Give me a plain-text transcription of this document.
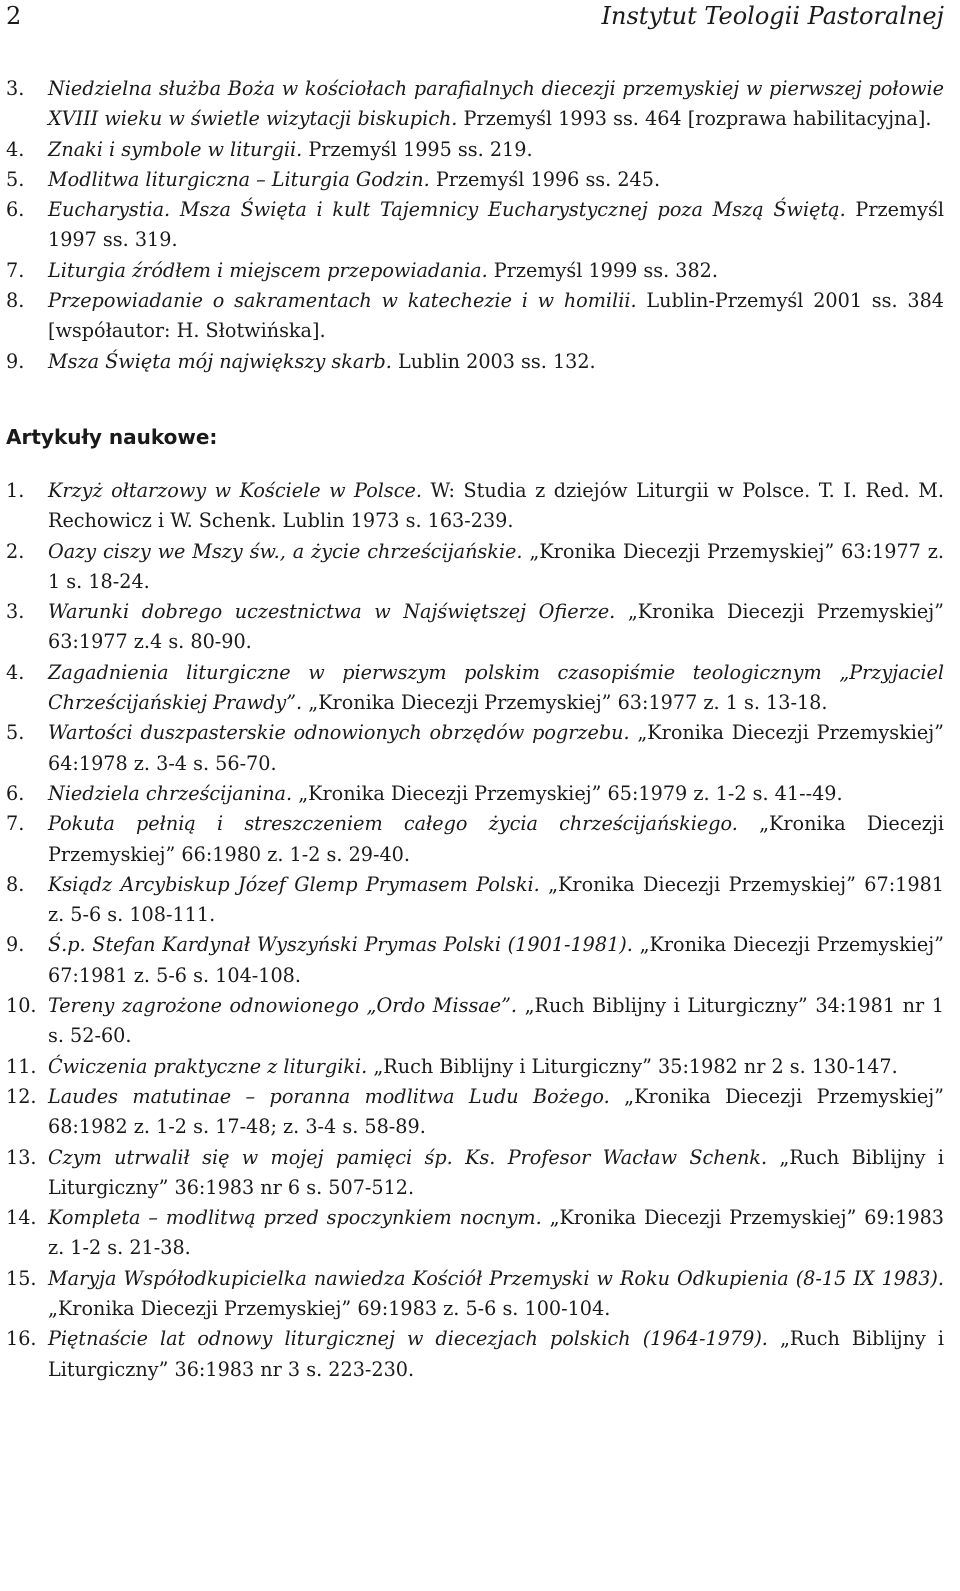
2	Instytut Teologii Pastoralnej
3. Niedzielna służba Boża w kościołach parafialnych diecezji przemyskiej w pierwszej połowie XVIII wieku w świetle wizytacji biskupich. Przemyśl 1993 ss. 464 [rozprawa habilitacyjna].
4. Znaki i symbole w liturgii. Przemyśl 1995 ss. 219.
5. Modlitwa liturgiczna – Liturgia Godzin. Przemyśl 1996 ss. 245.
6. Eucharystia. Msza Święta i kult Tajemnicy Eucharystycznej poza Mszą Świętą. Przemyśl 1997 ss. 319.
7. Liturgia źródłem i miejscem przepowiadania. Przemyśl 1999 ss. 382.
8. Przepowiadanie o sakramentach w katechezie i w homilii. Lublin-Przemyśl 2001 ss. 384 [współautor: H. Słotwińska].
9. Msza Święta mój największy skarb. Lublin 2003 ss. 132.
Artykuły naukowe:
1. Krzyż ołtarzowy w Kościele w Polsce. W: Studia z dziejów Liturgii w Polsce. T. I. Red. M. Rechowicz i W. Schenk. Lublin 1973 s. 163-239.
2. Oazy ciszy we Mszy św., a życie chrześcijańskie. „Kronika Diecezji Przemyskiej” 63:1977 z. 1 s. 18-24.
3. Warunki dobrego uczestnictwa w Najświętszej Ofierze. „Kronika Diecezji Przemyskiej” 63:1977 z.4 s. 80-90.
4. Zagadnienia liturgiczne w pierwszym polskim czasopiśmie teologicznym „Przyjaciel Chrześcijańskiej Prawdy”. „Kronika Diecezji Przemyskiej” 63:1977 z. 1 s. 13-18.
5. Wartości duszpasterskie odnowionych obrzędów pogrzebu. „Kronika Diecezji Przemyskiej” 64:1978 z. 3-4 s. 56-70.
6. Niedziela chrześcijanina. „Kronika Diecezji Przemyskiej” 65:1979 z. 1-2 s. 41--49.
7. Pokuta pełnią i streszczeniem całego życia chrześcijańskiego. „Kronika Diecezji Przemyskiej” 66:1980 z. 1-2 s. 29-40.
8. Ksiądz Arcybiskup Józef Glemp Prymasem Polski. „Kronika Diecezji Przemyskiej” 67:1981 z. 5-6 s. 108-111.
9. Ś.p. Stefan Kardynał Wyszyński Prymas Polski (1901-1981). „Kronika Diecezji Przemyskiej” 67:1981 z. 5-6 s. 104-108.
10. Tereny zagrożone odnowionego „Ordo Missae”. „Ruch Biblijny i Liturgiczny” 34:1981 nr 1 s. 52-60.
11. Ćwiczenia praktyczne z liturgiki. „Ruch Biblijny i Liturgiczny” 35:1982 nr 2 s. 130-147.
12. Laudes matutinae – poranna modlitwa Ludu Bożego. „Kronika Diecezji Przemyskiej” 68:1982 z. 1-2 s. 17-48; z. 3-4 s. 58-89.
13. Czym utrwalił się w mojej pamięci śp. Ks. Profesor Wacław Schenk. „Ruch Biblijny i Liturgiczny” 36:1983 nr 6 s. 507-512.
14. Kompleta – modlitwą przed spoczynkiem nocnym. „Kronika Diecezji Przemyskiej” 69:1983 z. 1-2 s. 21-38.
15. Maryja Współodkupicielka nawiedza Kościół Przemyski w Roku Odkupienia (8-15 IX 1983). „Kronika Diecezji Przemyskiej” 69:1983 z. 5-6 s. 100-104.
16. Piętnaście lat odnowy liturgicznej w diecezjach polskich (1964-1979). „Ruch Biblijny i Liturgiczny” 36:1983 nr 3 s. 223-230.
